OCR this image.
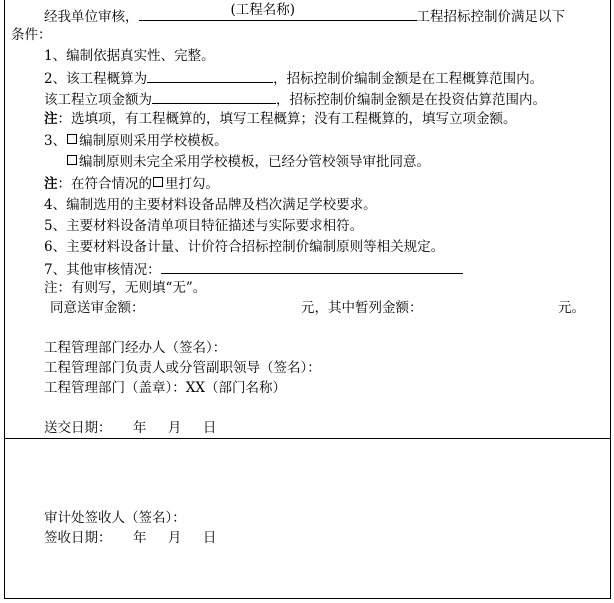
经我单位审核，	(工程名称)	工程招标控制价满足以下
条件：
1、编制依据真实性、完整。
2、该工程概算为	，招标控制价编制金额是在工程概算范围内。
该工程立项金额为	，招标控制价编制金额是在投资估算范围内。
注：选填项，有工程概算的，填写工程概算；没有工程概算的，填写立项金额。
3、 编制原则采用学校模板。
编制原则未完全采用学校模板，已经分管校领导审批同意。
注：在符合情况的 里打勾。
4、编制选用的主要材料设备品牌及档次满足学校要求。
5、主要材料设备清单项目特征描述与实际要求相符。
6、主要材料设备计量、计价符合招标控制价编制原则等相关规定。
7、其他审核情况：
注：有则写，无则填“无”。
同意送审金额：	元，其中暂列金额：	元。
工程管理部门经办人（签名）：
工程管理部门负责人或分管副职领导（签名）：
工程管理部门（盖章）：XX（部门名称）
送交日期：     年     月     日
审计处签收人（签名）：
签收日期：     年     月     日
